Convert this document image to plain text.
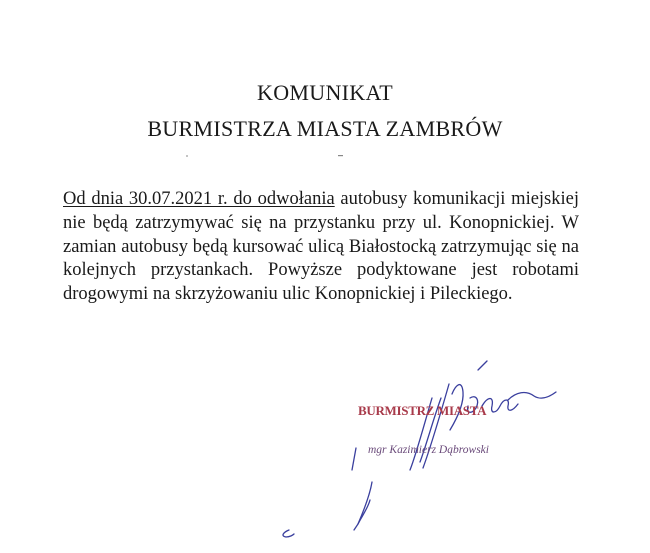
KOMUNIKAT
BURMISTRZA MIASTA ZAMBRÓW

Od dnia 30.07.2021 r. do odwołania autobusy komunikacji miejskiej nie będą zatrzymywać się na przystanku przy ul. Konopnickiej. W zamian autobusy będą kursować ulicą Białostocką zatrzymując się na kolejnych przystankach. Powyższe podyktowane jest robotami drogowymi na skrzyżowaniu ulic Konopnickiej i Pileckiego.

BURMISTRZ MIASTA
mgr Kazimierz Dąbrowski
